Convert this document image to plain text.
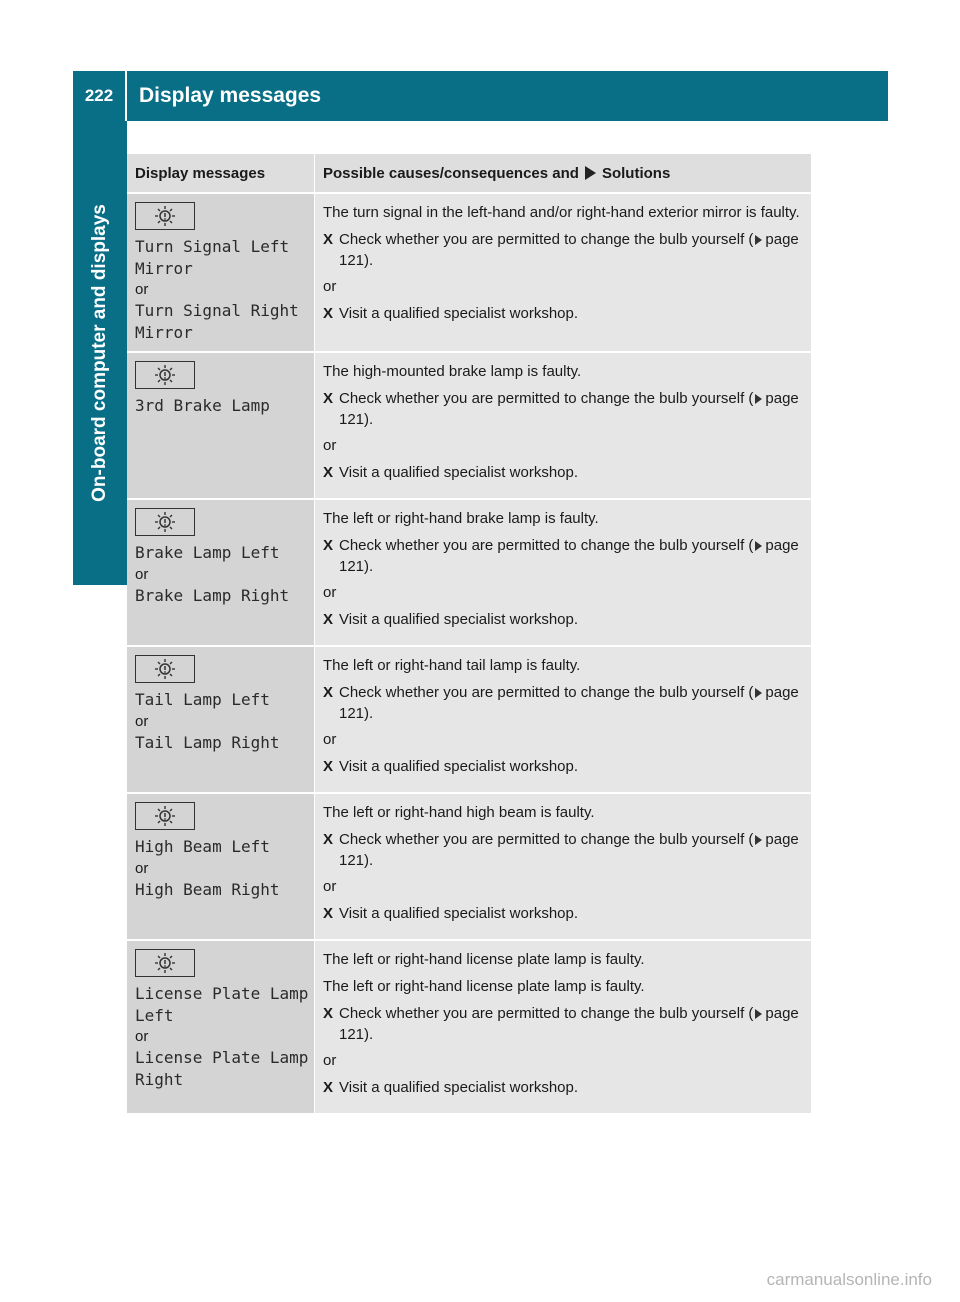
222	Display messages
On-board computer and displays
Display messages	Possible causes/consequences and Solutions
Turn Signal Left
Mirror
or
Turn Signal Right
Mirror

The turn signal in the left-hand and/or right-hand exterior mirror is faulty.

X Check whether you are permitted to change the bulb yourself ( page 121).

or

X Visit a qualified specialist workshop.
3rd Brake Lamp

The high-mounted brake lamp is faulty.

X Check whether you are permitted to change the bulb yourself ( page 121).

or

X Visit a qualified specialist workshop.
Brake Lamp Left
or
Brake Lamp Right

The left or right-hand brake lamp is faulty.

X Check whether you are permitted to change the bulb yourself ( page 121).

or

X Visit a qualified specialist workshop.
Tail Lamp Left
or
Tail Lamp Right

The left or right-hand tail lamp is faulty.

X Check whether you are permitted to change the bulb yourself ( page 121).

or

X Visit a qualified specialist workshop.
High Beam Left
or
High Beam Right

The left or right-hand high beam is faulty.

X Check whether you are permitted to change the bulb yourself ( page 121).

or

X Visit a qualified specialist workshop.
License Plate Lamp
Left
or
License Plate Lamp
Right

The left or right-hand license plate lamp is faulty.

The left or right-hand license plate lamp is faulty.

X Check whether you are permitted to change the bulb yourself ( page 121).

or

X Visit a qualified specialist workshop.
carmanualsonline.info
